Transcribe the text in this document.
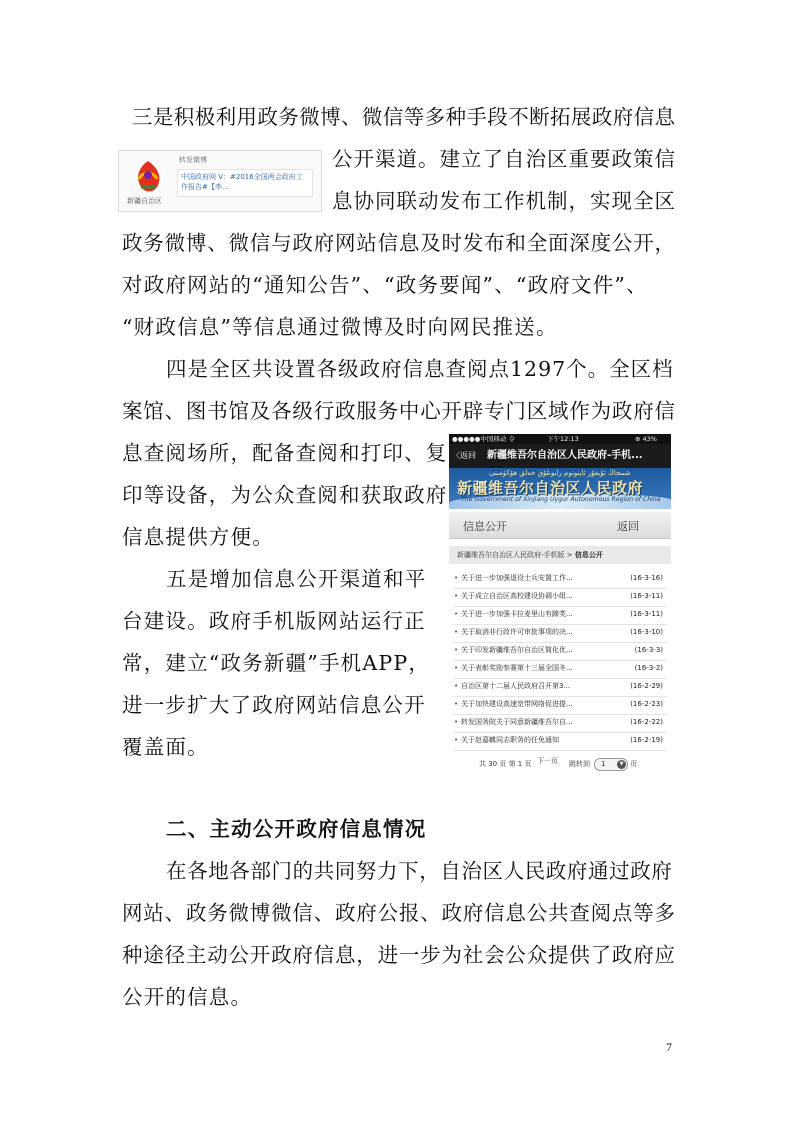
三是积极利用政务微博、微信等多种手段不断拓展政府信息
公开渠道。建立了自治区重要政策信
息协同联动发布工作机制，实现全区
政务微博、微信与政府网站信息及时发布和全面深度公开，
对政府网站的“通知公告”、“政务要闻”、“政府文件”、
“财政信息”等信息通过微博及时向网民推送。
四是全区共设置各级政府信息查阅点1297个。全区档
案馆、图书馆及各级行政服务中心开辟专门区域作为政府信
息查阅场所，配备查阅和打印、复
印等设备，为公众查阅和获取政府
信息提供方便。
五是增加信息公开渠道和平
台建设。政府手机版网站运行正
常，建立“政务新疆”手机APP，
进一步扩大了政府网站信息公开
覆盖面。
新疆自治区
转发微博
中国政府网 V：#2016全国两会政府工作报告#【李…
●●●●●中国移动 令	下午12:13	⊕ 43%
〈返回 新疆维吾尔自治区人民政府-手机...
شىنجاڭ ئۇيغۇر ئاپتونوم رايونلۇق خەلق ھۆكۈمىتى
新疆维吾尔自治区人民政府
The Government of Xinjiang Uygur Autonomous Region of China
信息公开	返回
新疆维吾尔自治区人民政府-手机版 > 信息公开
• 关于进一步加强退役士兵安置工作...	(16-3-16)
• 关于成立自治区高校建设协调小组...	(16-3-11)
• 关于进一步加强卡拉麦里山有蹄类...	(16-3-11)
• 关于取消非行政许可审批事项的决...	(16-3-10)
• 关于印发新疆维吾尔自治区简化优...	(16-3-3)
• 关于表彰奖励参赛第十三届全国冬...	(16-3-2)
• 自治区第十二届人民政府召开第3...	(16-2-29)
• 关于加快建设高速宽带网络促进提...	(16-2-23)
• 转发国务院关于同意新疆维吾尔自...	(16-2-22)
• 关于赵嘉麒同志职务的任免通知	(16-2-19)
共 30 页 第 1 页 下一页 跳转到 1	▼ 页
二、主动公开政府信息情况
在各地各部门的共同努力下，自治区人民政府通过政府
网站、政务微博微信、政府公报、政府信息公共查阅点等多
种途径主动公开政府信息，进一步为社会公众提供了政府应
公开的信息。
7
